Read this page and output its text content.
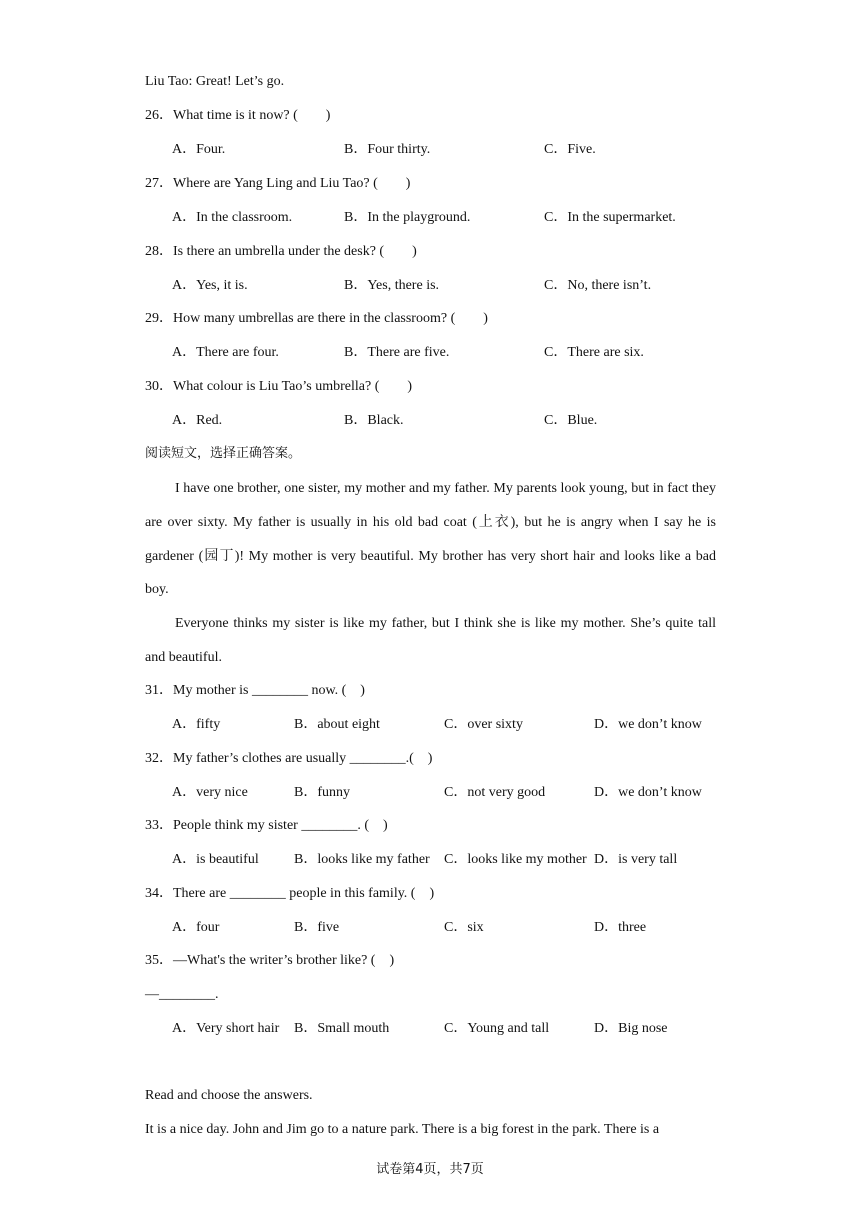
Liu Tao: Great! Let’s go.
26．What time is it now? (　　)
A．Four.	B．Four thirty.	C．Five.
27．Where are Yang Ling and Liu Tao? (　　)
A．In the classroom.	B．In the playground.	C．In the supermarket.
28．Is there an umbrella under the desk? (　　)
A．Yes, it is.	B．Yes, there is.	C．No, there isn’t.
29．How many umbrellas are there in the classroom? (　　)
A．There are four.	B．There are five.	C．There are six.
30．What colour is Liu Tao’s umbrella? (　　)
A．Red.	B．Black.	C．Blue.
阅读短文，选择正确答案。
I have one brother, one sister, my mother and my father. My parents look young, but in fact they are over sixty. My father is usually in his old bad coat (上衣), but he is angry when I say he is gardener (园丁)! My mother is very beautiful. My brother has very short hair and looks like a bad boy.
Everyone thinks my sister is like my father, but I think she is like my mother. She’s quite tall and beautiful.
31．My mother is ________ now. (　)
A．fifty	B．about eight	C．over sixty	D．we don’t know
32．My father’s clothes are usually ________.(　)
A．very nice	B．funny	C．not very good	D．we don’t know
33．People think my sister ________. (　)
A．is beautiful	B．looks like my father C．looks like my mother D．is very tall
34．There are ________ people in this family. (　)
A．four	B．five	C．six	D．three
35．—What's the writer’s brother like? (　)
—________.
A．Very short hair B．Small mouth	C．Young and tall	D．Big nose
Read and choose the answers.
It is a nice day. John and Jim go to a nature park. There is a big forest in the park. There is a
试卷第4页，共7页
